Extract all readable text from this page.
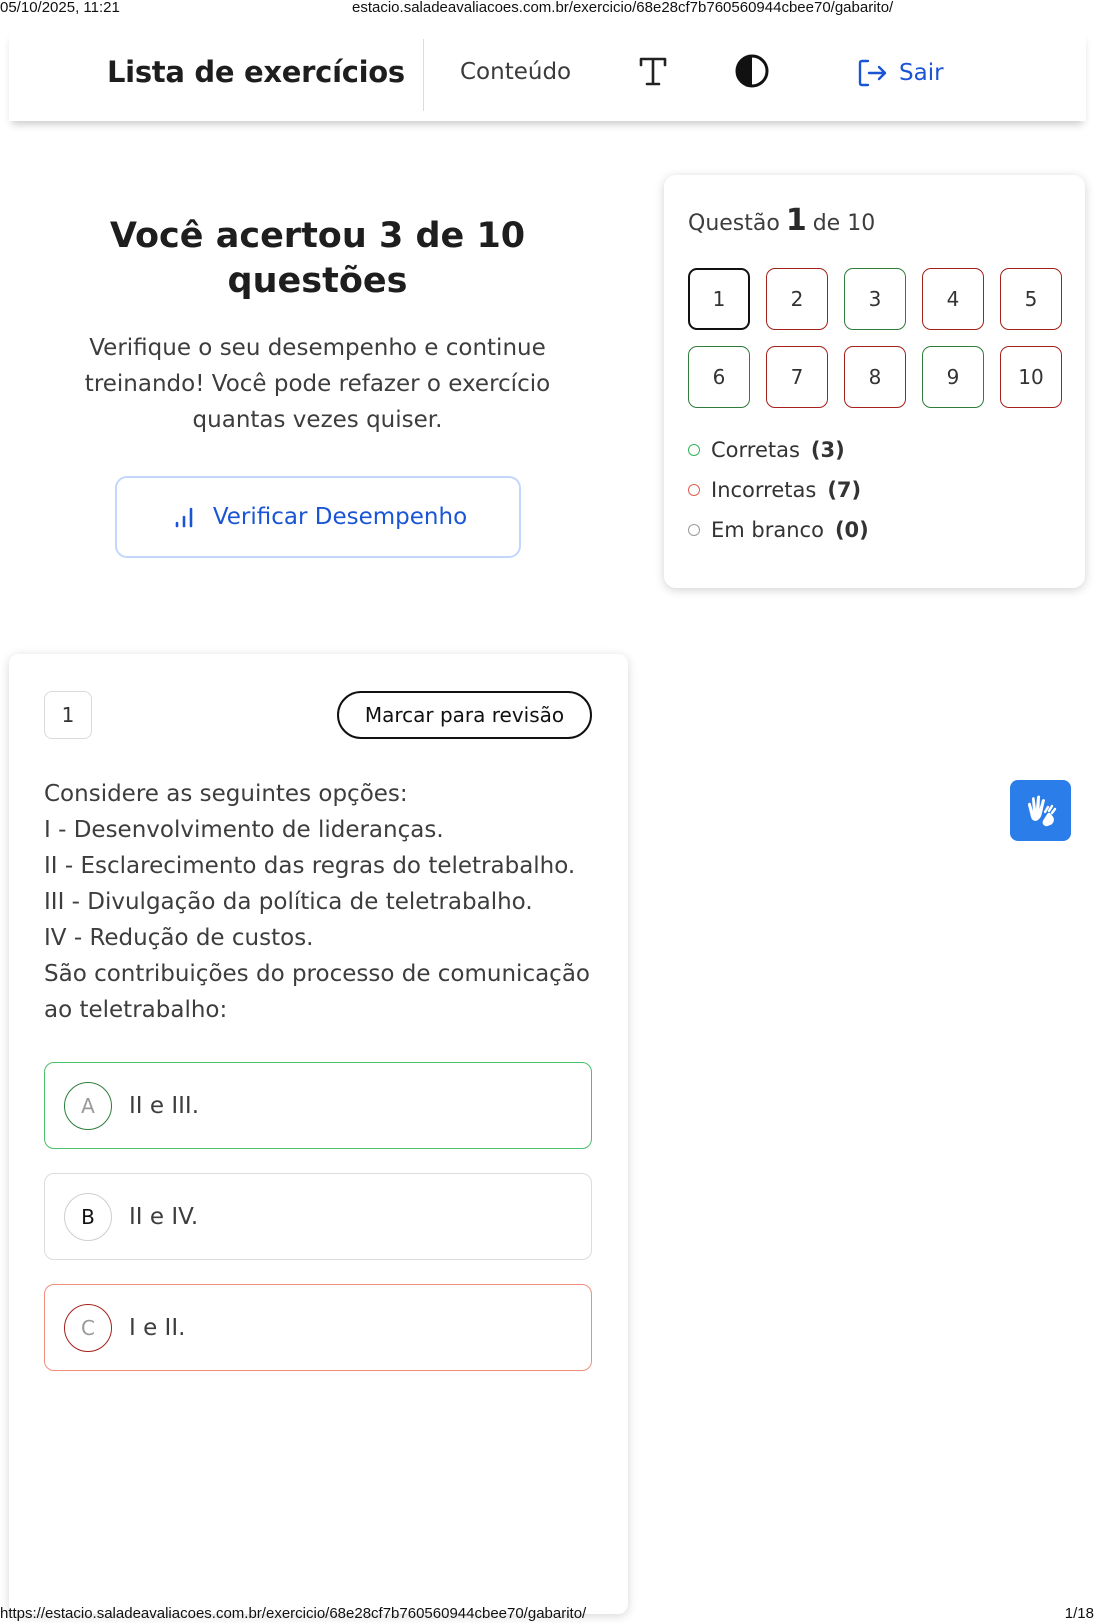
05/10/2025, 11:21	estacio.saladeavaliacoes.com.br/exercicio/68e28cf7b760560944cbee70/gabarito/
Lista de exercícios Conteúdo	Sair
Você acertou 3 de 10 questões
Verifique o seu desempenho e continue treinando! Você pode refazer o exercício quantas vezes quiser.
Verificar Desempenho
Questão 1 de 10
1	2	3	4	5
6	7	8	9	10
Corretas (3)
Incorretas (7)
Em branco (0)
1	Marcar para revisão
Considere as seguintes opções:
I - Desenvolvimento de lideranças.
II - Esclarecimento das regras do teletrabalho.
III - Divulgação da política de teletrabalho.
IV - Redução de custos.
São contribuições do processo de comunicação ao teletrabalho:
A	II e III.
B	II e IV.
C	I e II.
https://estacio.saladeavaliacoes.com.br/exercicio/68e28cf7b760560944cbee70/gabarito/	1/18
